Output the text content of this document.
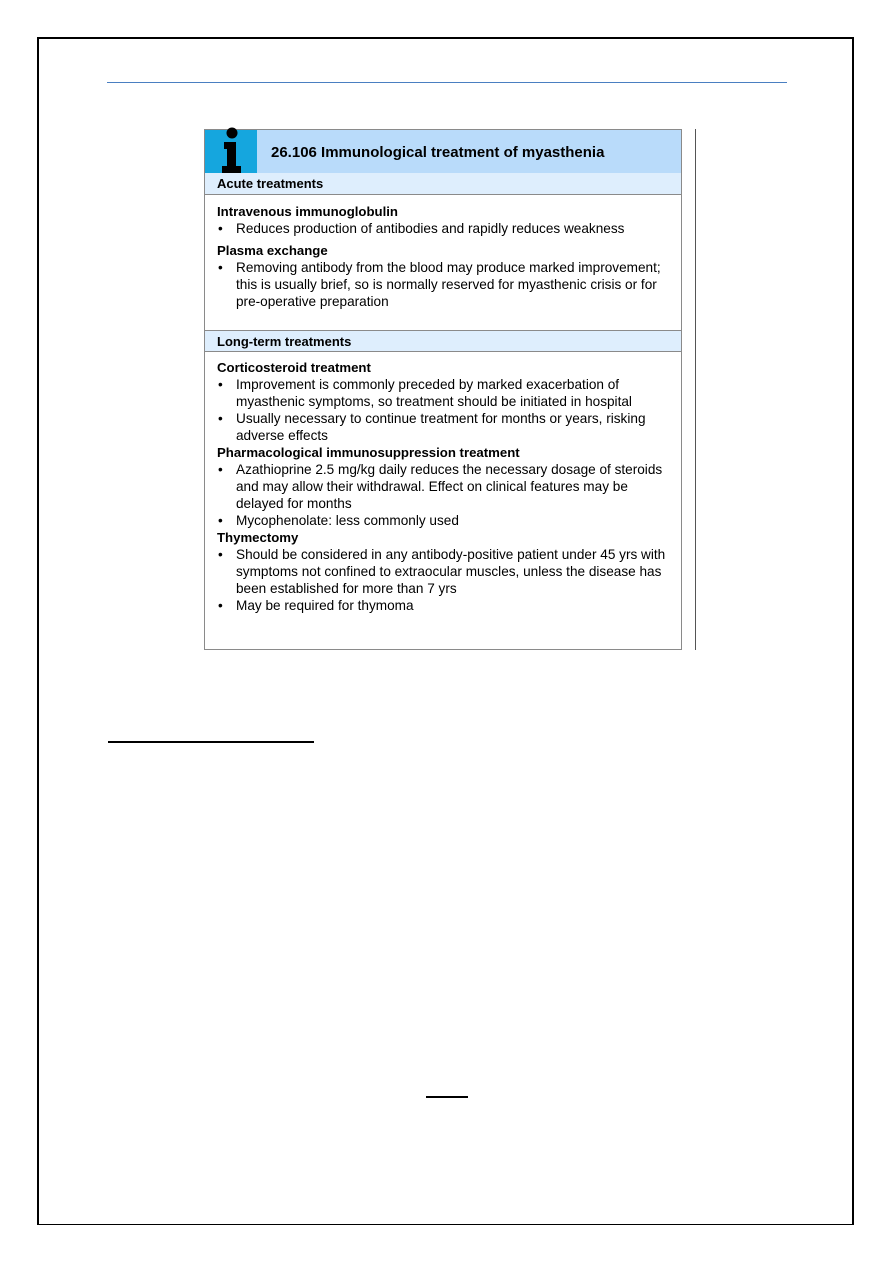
26.106 Immunological treatment of myasthenia
Acute treatments
Intravenous immunoglobulin
• Reduces production of antibodies and rapidly reduces weakness
Plasma exchange
• Removing antibody from the blood may produce marked improvement; this is usually brief, so is normally reserved for myasthenic crisis or for pre-operative preparation
Long-term treatments
Corticosteroid treatment
• Improvement is commonly preceded by marked exacerbation of myasthenic symptoms, so treatment should be initiated in hospital
• Usually necessary to continue treatment for months or years, risking adverse effects
Pharmacological immunosuppression treatment
• Azathioprine 2.5 mg/kg daily reduces the necessary dosage of steroids and may allow their withdrawal. Effect on clinical features may be delayed for months
• Mycophenolate: less commonly used
Thymectomy
• Should be considered in any antibody-positive patient under 45 yrs with symptoms not confined to extraocular muscles, unless the disease has been established for more than 7 yrs
• May be required for thymoma
